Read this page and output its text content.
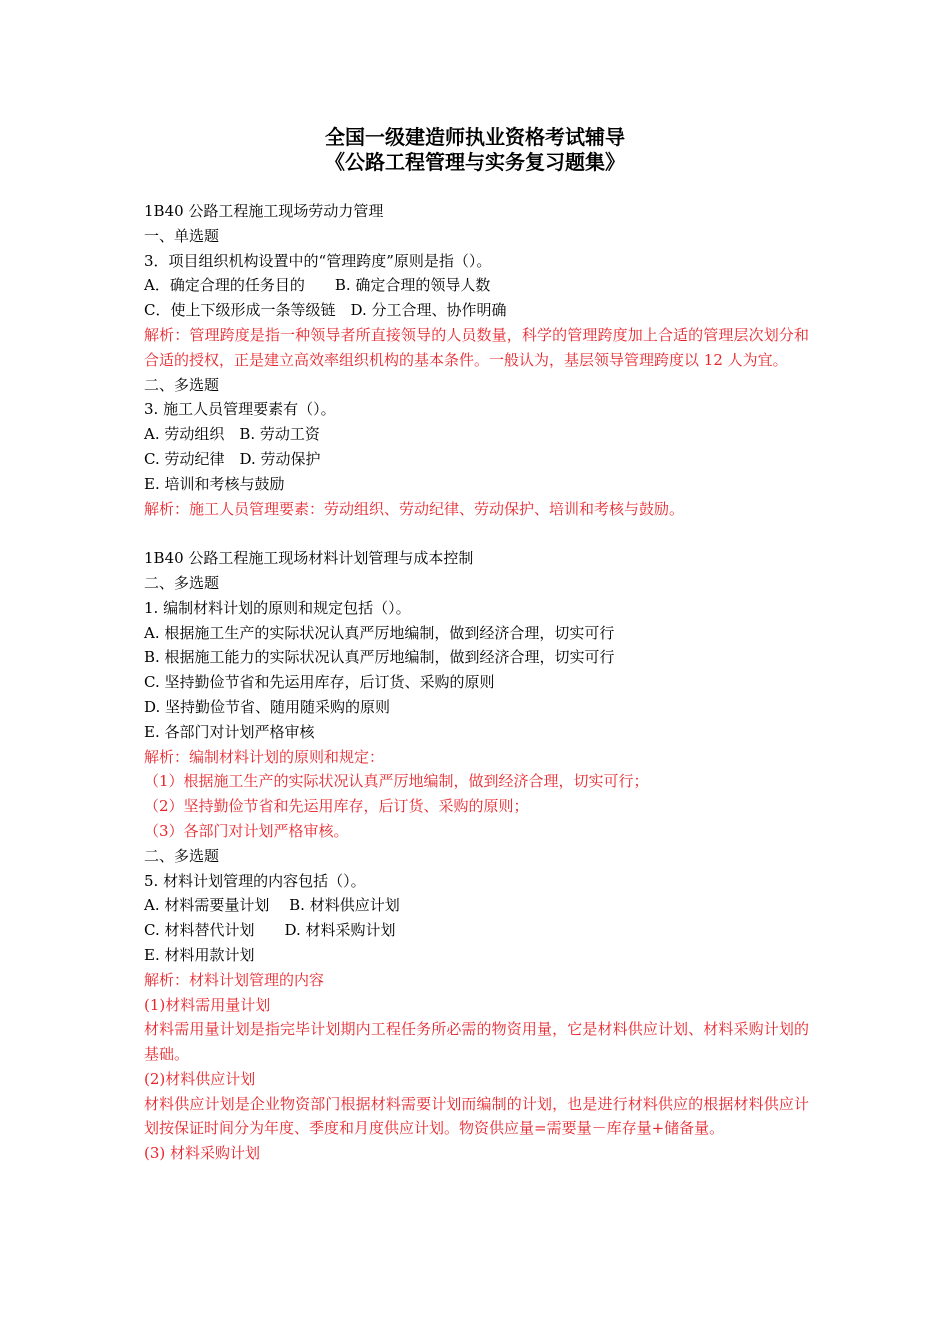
全国一级建造师执业资格考试辅导
《公路工程管理与实务复习题集》
1B40 公路工程施工现场劳动力管理
一、单选题
3．项目组织机构设置中的“管理跨度”原则是指（）。
A．确定合理的任务目的　　B. 确定合理的领导人数
C．使上下级形成一条等级链　D. 分工合理、协作明确
解析：管理跨度是指一种领导者所直接领导的人员数量，科学的管理跨度加上合适的管理层次划分和合适的授权，正是建立高效率组织机构的基本条件。一般认为，基层领导管理跨度以 12 人为宜。
二、多选题
3. 施工人员管理要素有（）。
A. 劳动组织　B. 劳动工资
C. 劳动纪律　D. 劳动保护
E. 培训和考核与鼓励
解析：施工人员管理要素：劳动组织、劳动纪律、劳动保护、培训和考核与鼓励。
1B40 公路工程施工现场材料计划管理与成本控制
二、多选题
1. 编制材料计划的原则和规定包括（）。
A. 根据施工生产的实际状况认真严厉地编制，做到经济合理，切实可行
B. 根据施工能力的实际状况认真严厉地编制，做到经济合理，切实可行
C. 坚持勤俭节省和先运用库存，后订货、采购的原则
D. 坚持勤俭节省、随用随采购的原则
E. 各部门对计划严格审核
解析：编制材料计划的原则和规定：
（1）根据施工生产的实际状况认真严厉地编制，做到经济合理，切实可行；
（2）坚持勤俭节省和先运用库存，后订货、采购的原则；
（3）各部门对计划严格审核。
二、多选题
5. 材料计划管理的内容包括（）。
A. 材料需要量计划　 B. 材料供应计划
C. 材料替代计划　　D. 材料采购计划
E. 材料用款计划
解析：材料计划管理的内容
(1)材料需用量计划
材料需用量计划是指完毕计划期内工程任务所必需的物资用量，它是材料供应计划、材料采购计划的基础。
(2)材料供应计划
材料供应计划是企业物资部门根据材料需要计划而编制的计划，也是进行材料供应的根据材料供应计划按保证时间分为年度、季度和月度供应计划。物资供应量=需要量－库存量+储备量。
(3) 材料采购计划
